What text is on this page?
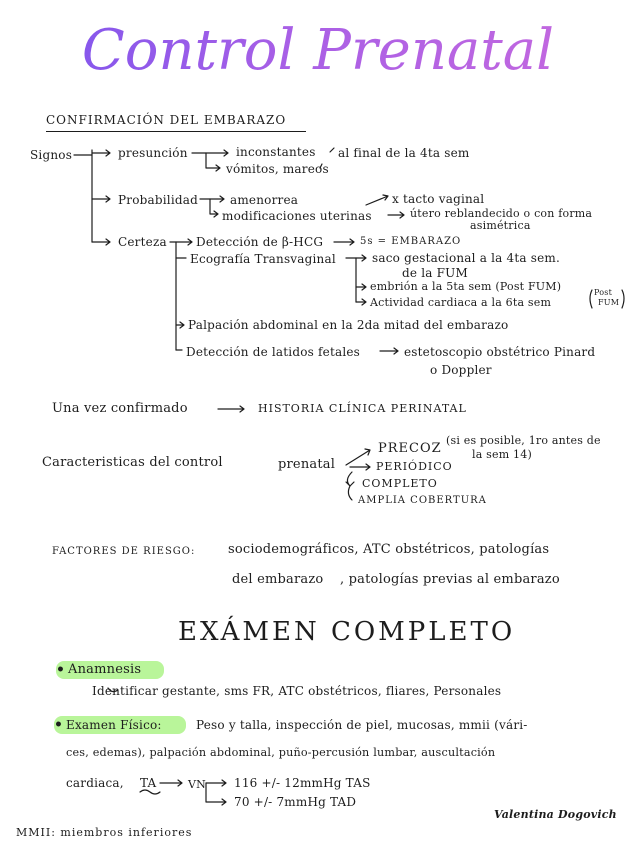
Control Prenatal
CONFIRMACIÓN DEL EMBARAZO
Signos	presunción	inconstantes
vómitos, mareos
al final de la 4ta sem
Probabilidad	amenorrea	x tacto vaginal
modificaciones uterinas	útero reblandecido o con forma
asimétrica
Certeza Detección de β-HCG	5s = EMBARAZO
Ecografía Transvaginal	saco gestacional a la 4ta sem.
de la FUM
embrión a la 5ta sem (Post FUM)
Actividad cardiaca a la 6ta sem
Post
FUM
Palpación abdominal en la 2da mitad del embarazo
Detección de latidos fetales	estetoscopio obstétrico Pinard
o Doppler
Una vez confirmado	HISTORIA CLÍNICA PERINATAL
Caracteristicas del control	prenatal
PRECOZ
(si es posible, 1ro antes de
la sem 14)
PERIÓDICO
COMPLETO
AMPLIA COBERTURA
FACTORES DE RIESGO:	sociodemográficos, ATC obstétricos, patologías
del embarazo , patologías previas al embarazo
EXÁMEN COMPLETO
• Anamnesis
Identificar gestante, sms FR, ATC obstétricos, fliares, Personales
• Examen Físico:	Peso y talla, inspección de piel, mucosas, mmii (vári-
ces, edemas), palpación abdominal, puño-percusión lumbar, auscultación
cardiaca, TA	VN 116 +/- 12mmHg TAS
70 +/- 7mmHg TAD
Valentina Dogovich
MMII: miembros inferiores
